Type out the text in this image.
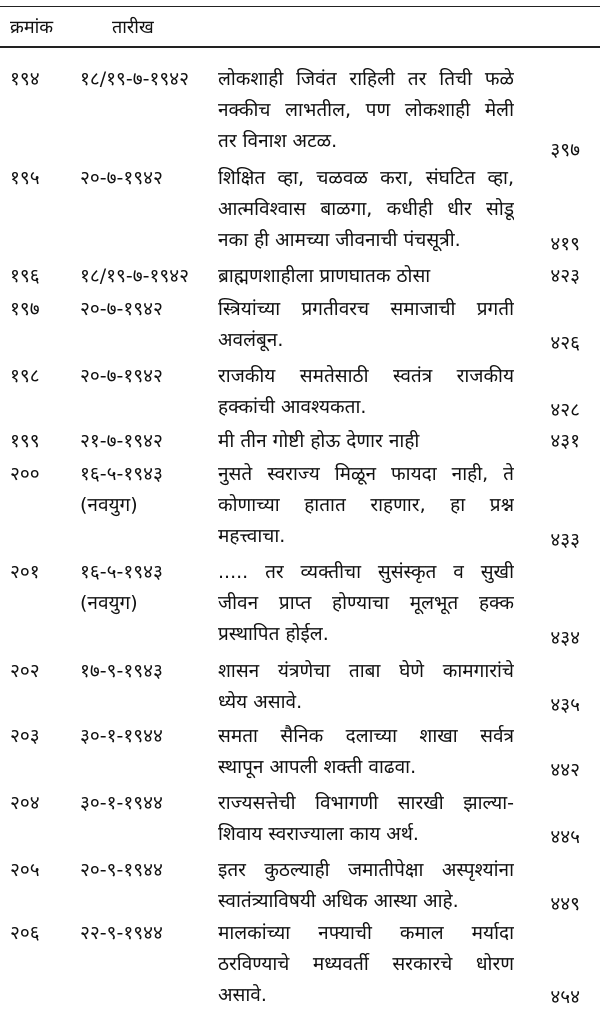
क्रमांक	तारीख
१९४ १८/१९-७-१९४२	लोकशाही जिवंत राहिली तर तिची फळे
नक्कीच लाभतील, पण लोकशाही मेली
तर विनाश अटळ.	३९७
१९५ २०-७-१९४२	शिक्षित व्हा, चळवळ करा, संघटित व्हा,
आत्मविश्वास बाळगा, कधीही धीर सोडू
नका ही आमच्या जीवनाची पंचसूत्री.	४१९
१९६ १८/१९-७-१९४२	ब्राह्मणशाहीला प्राणघातक ठोसा	४२३
१९७ २०-७-१९४२	स्त्रियांच्या प्रगतीवरच समाजाची प्रगती
अवलंबून.	४२६
१९८ २०-७-१९४२	राजकीय समतेसाठी स्वतंत्र राजकीय
हक्कांची आवश्यकता.	४२८
१९९ २१-७-१९४२	मी तीन गोष्टी होऊ देणार नाही	४३१
२०० १६-५-१९४३
(नवयुग)
नुसते स्वराज्य मिळून फायदा नाही, ते
कोणाच्या हातात राहणार, हा प्रश्न
महत्त्वाचा.	४३३
२०१ १६-५-१९४३
(नवयुग)
..... तर व्यक्तीचा सुसंस्कृत व सुखी
जीवन प्राप्त होण्याचा मूलभूत हक्क
प्रस्थापित होईल.	४३४
२०२ १७-९-१९४३	शासन यंत्रणेचा ताबा घेणे कामगारांचे
ध्येय असावे.	४३५
२०३ ३०-१-१९४४	समता सैनिक दलाच्या शाखा सर्वत्र
स्थापून आपली शक्ती वाढवा.	४४२
२०४ ३०-१-१९४४	राज्यसत्तेची विभागणी सारखी झाल्या-
शिवाय स्वराज्याला काय अर्थ.	४४५
२०५ २०-९-१९४४	इतर कुठल्याही जमातीपेक्षा अस्पृश्यांना
स्वातंत्र्याविषयी अधिक आस्था आहे.	४४९
२०६ २२-९-१९४४	मालकांच्या नफ्याची कमाल मर्यादा
ठरविण्याचे मध्यवर्ती सरकारचे धोरण
असावे.	४५४
